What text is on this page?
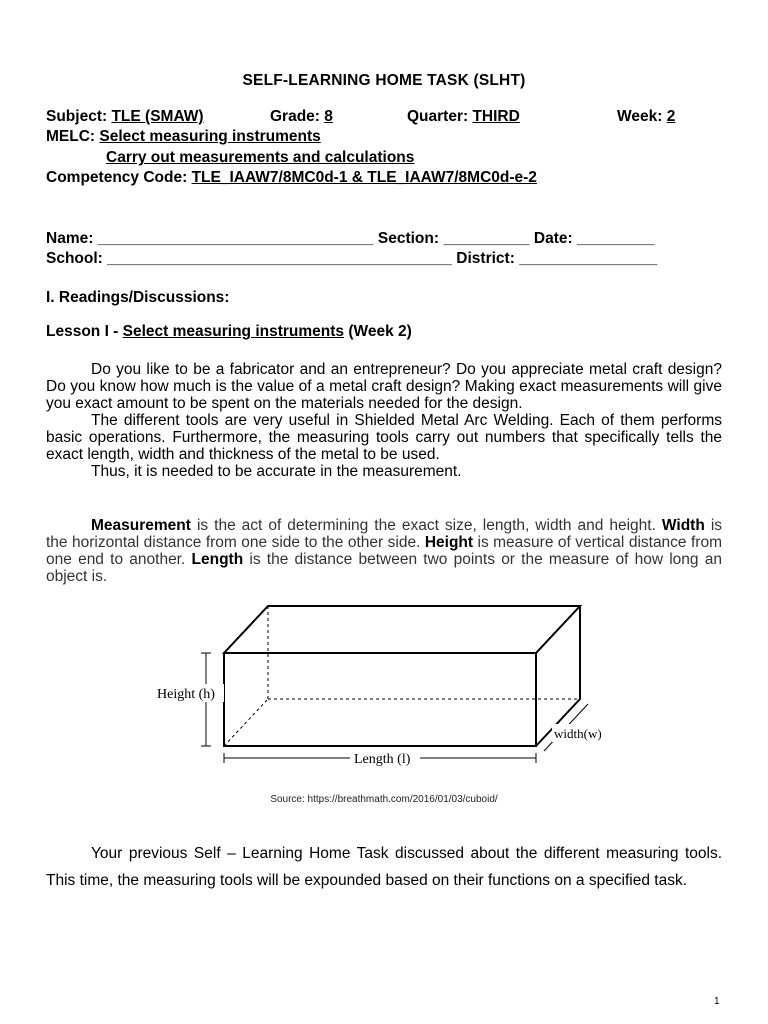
SELF-LEARNING HOME TASK (SLHT)
Subject: TLE (SMAW)	Grade: 8	Quarter: THIRD	Week: 2
MELC: Select measuring instruments
Carry out measurements and calculations
Competency Code: TLE_IAAW7/8MC0d-1 & TLE_IAAW7/8MC0d-e-2
Name: ________________________________ Section: __________ Date: _________
School: ________________________________________ District: ________________
I. Readings/Discussions:
Lesson I - Select measuring instruments (Week 2)

Do you like to be a fabricator and an entrepreneur? Do you appreciate metal craft design? Do you know how much is the value of a metal craft design? Making exact measurements will give you exact amount to be spent on the materials needed for the design.

The different tools are very useful in Shielded Metal Arc Welding. Each of them performs basic operations. Furthermore, the measuring tools carry out numbers that specifically tells the exact length, width and thickness of the metal to be used.

Thus, it is needed to be accurate in the measurement.

Measurement is the act of determining the exact size, length, width and height. Width is the horizontal distance from one side to the other side. Height is measure of vertical distance from one end to another. Length is the distance between two points or the measure of how long an object is.

Height (h)
Length (l)
width(w)
Source: https://breathmath.com/2016/01/03/cuboid/
Your previous Self – Learning Home Task discussed about the different measuring tools. This time, the measuring tools will be expounded based on their functions on a specified task.
1
